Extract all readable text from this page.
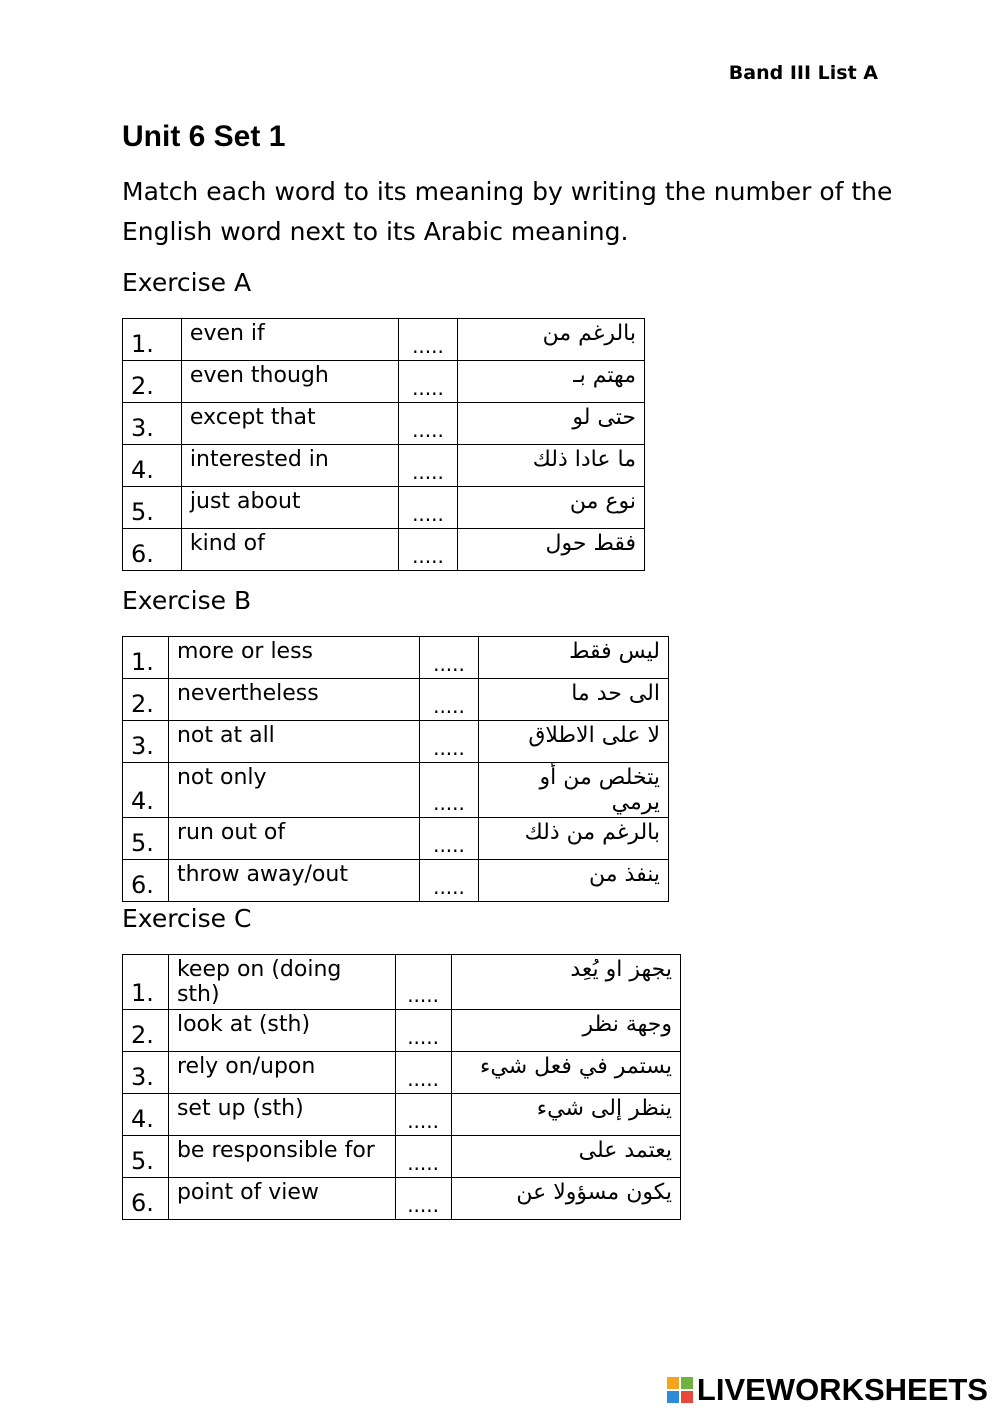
Band III List A
Unit 6 Set 1
Match each word to its meaning by writing the number of the English word next to its Arabic meaning.
Exercise A
1.	even if	.....	بالرغم من
2.	even though	.....	مهتم بـ
3.	except that	.....	حتى لو
4.	interested in	.....	ما عادا ذلك
5.	just about	.....	نوع من
6.	kind of	.....	فقط حول
Exercise B
1.	more or less	.....	ليس فقط
2.	nevertheless	.....	الى حد ما
3.	not at all	.....	لا على الاطلاق
4.	not only	.....	يتخلص من أو يرمي
5.	run out of	.....	بالرغم من ذلك
6.	throw away/out	.....	ينفذ من
Exercise C
1.	keep on (doing sth)	.....	يجهز او يُعِد
2.	look at (sth)	.....	وجهة نظر
3.	rely on/upon	.....	يستمر في فعل شيء
4.	set up (sth)	.....	ينظر إلى شيء
5.	be responsible for	.....	يعتمد على
6.	point of view	.....	يكون مسؤولا عن
LIVEWORKSHEETS
